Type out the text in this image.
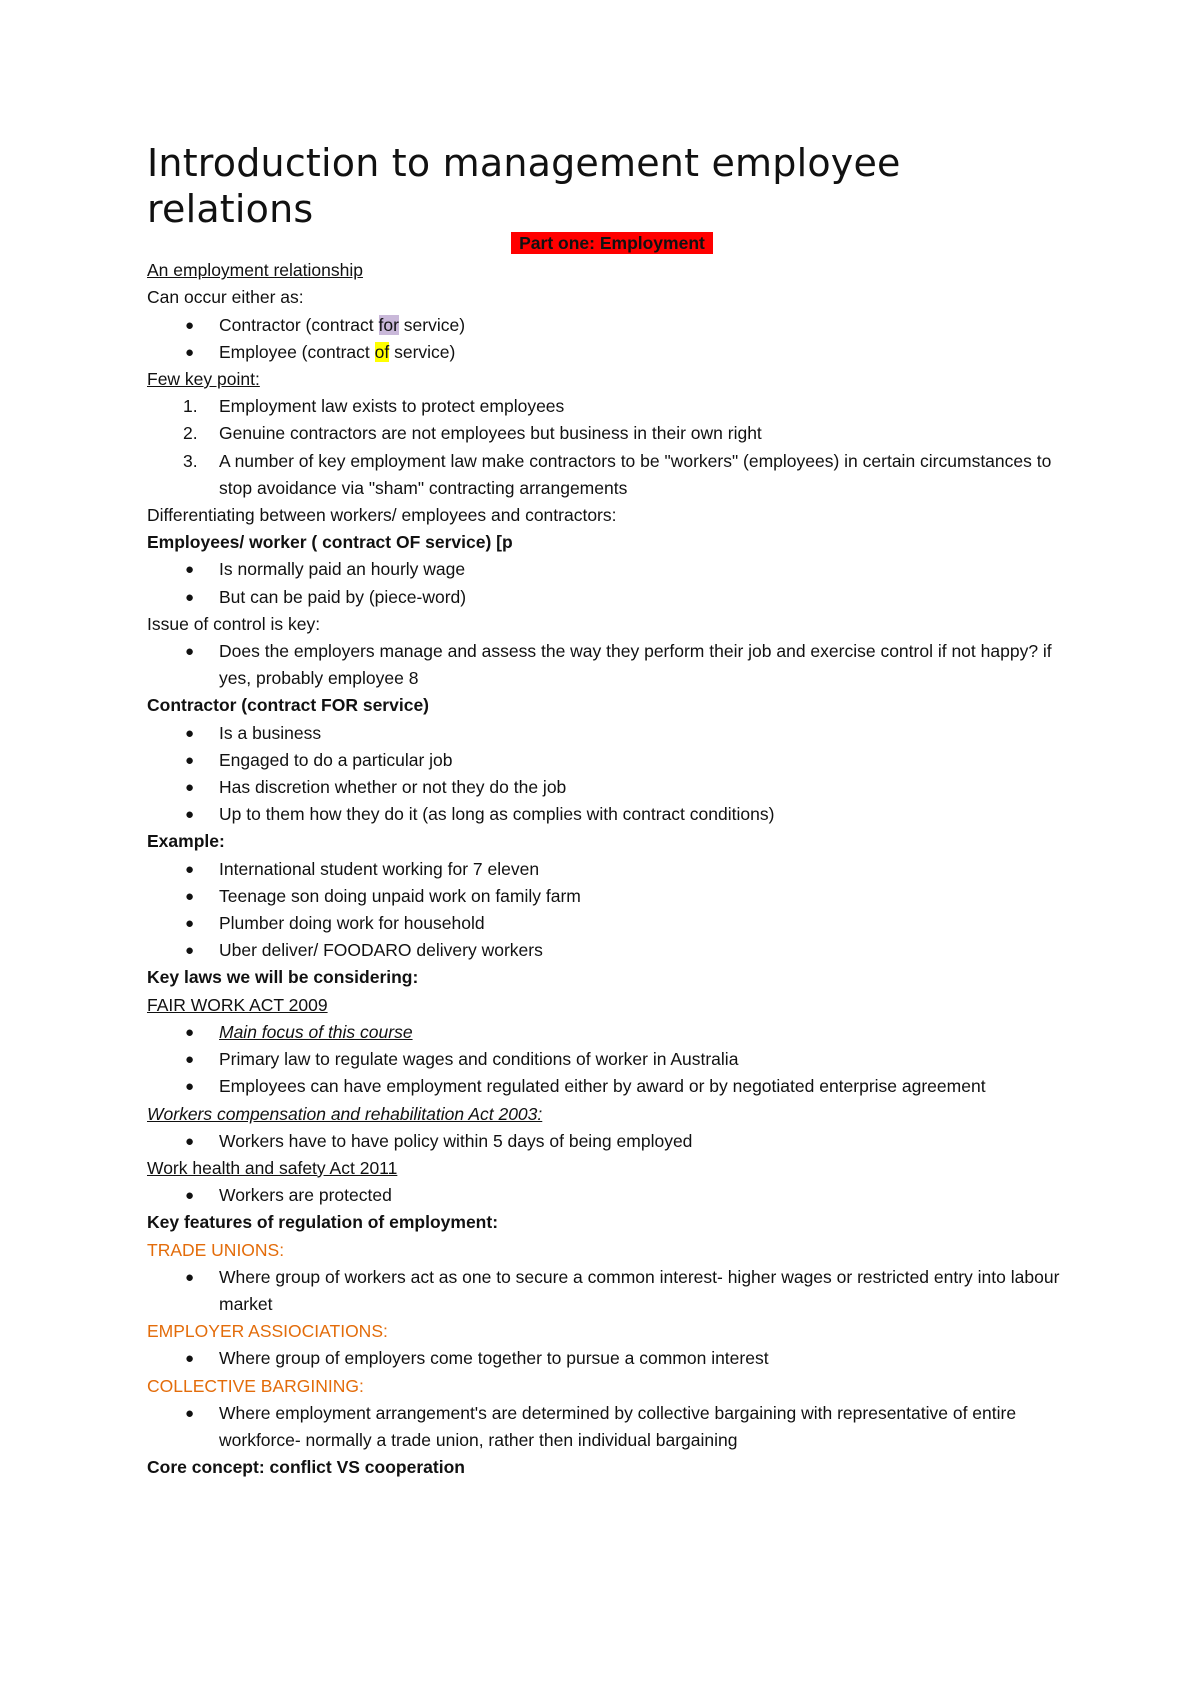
Introduction to management employee relations
Part one: Employment
An employment relationship
Can occur either as:
● Contractor (contract for service)
● Employee (contract of service)
Few key point:
1. Employment law exists to protect employees
2. Genuine contractors are not employees but business in their own right
3. A number of key employment law make contractors to be "workers" (employees) in certain circumstances to stop avoidance via "sham" contracting arrangements
Differentiating between workers/ employees and contractors:
Employees/ worker ( contract OF service) [p
● Is normally paid an hourly wage
● But can be paid by (piece-word)
Issue of control is key:
● Does the employers manage and assess the way they perform their job and exercise control if not happy? if yes, probably employee 8
Contractor (contract FOR service)
● Is a business
● Engaged to do a particular job
● Has discretion whether or not they do the job
● Up to them how they do it (as long as complies with contract conditions)
Example:
● International student working for 7 eleven
● Teenage son doing unpaid work on family farm
● Plumber doing work for household
● Uber deliver/ FOODARO delivery workers
Key laws we will be considering:
FAIR WORK ACT 2009
● Main focus of this course
● Primary law to regulate wages and conditions of worker in Australia
● Employees can have employment regulated either by award or by negotiated enterprise agreement
Workers compensation and rehabilitation Act 2003:
● Workers have to have policy within 5 days of being employed
Work health and safety Act 2011
● Workers are protected
Key features of regulation of employment:
TRADE UNIONS:
● Where group of workers act as one to secure a common interest- higher wages or restricted entry into labour market
EMPLOYER ASSIOCIATIONS:
● Where group of employers come together to pursue a common interest
COLLECTIVE BARGINING:
● Where employment arrangement's are determined by collective bargaining with representative of entire workforce- normally a trade union, rather then individual bargaining
Core concept: conflict VS cooperation
